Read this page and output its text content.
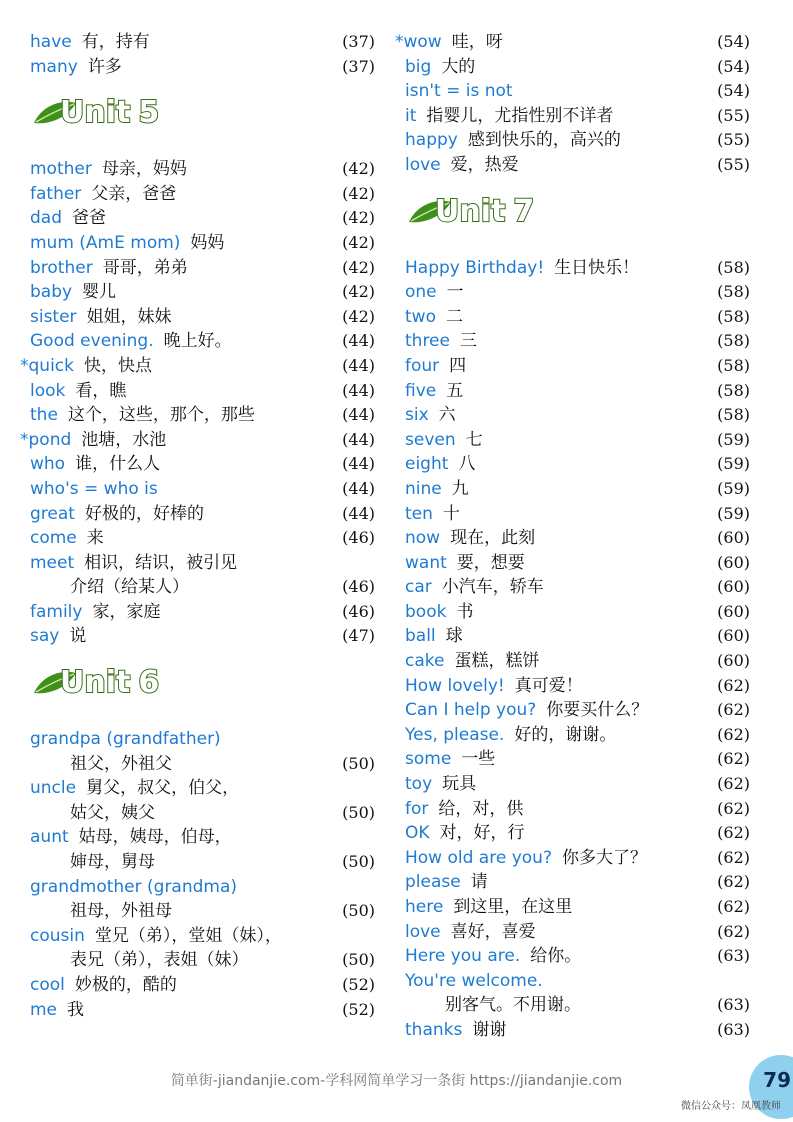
have 有，持有	(37)
many 许多	(37)
Unit 5
mother 母亲，妈妈	(42)
father 父亲，爸爸	(42)
dad 爸爸	(42)
mum (AmE mom) 妈妈	(42)
brother 哥哥，弟弟	(42)
baby 婴儿	(42)
sister 姐姐，妹妹	(42)
Good evening. 晚上好。	(44)
*quick 快，快点	(44)
look 看，瞧	(44)
the 这个，这些，那个，那些	(44)
*pond 池塘，水池	(44)
who 谁，什么人	(44)
who's = who is	(44)
great 好极的，好棒的	(44)
come 来	(46)
meet 相识，结识，被引见
介绍（给某人）	(46)
family 家，家庭	(46)
say 说	(47)
Unit 6
grandpa (grandfather)
祖父，外祖父	(50)
uncle 舅父，叔父，伯父，
姑父，姨父	(50)
aunt 姑母，姨母，伯母，
婶母，舅母	(50)
grandmother (grandma)
祖母，外祖母	(50)
cousin 堂兄（弟），堂姐（妹），
表兄（弟），表姐（妹）	(50)
cool 妙极的，酷的	(52)
me 我	(52)
*wow 哇，呀	(54)
big 大的	(54)
isn't = is not	(54)
it 指婴儿，尤指性别不详者	(55)
happy 感到快乐的，高兴的	(55)
love 爱，热爱	(55)
Unit 7
Happy Birthday! 生日快乐！	(58)
one 一	(58)
two 二	(58)
three 三	(58)
four 四	(58)
five 五	(58)
six 六	(58)
seven 七	(59)
eight 八	(59)
nine 九	(59)
ten 十	(59)
now 现在，此刻	(60)
want 要，想要	(60)
car 小汽车，轿车	(60)
book 书	(60)
ball 球	(60)
cake 蛋糕，糕饼	(60)
How lovely! 真可爱！	(62)
Can I help you? 你要买什么？	(62)
Yes, please. 好的，谢谢。	(62)
some 一些	(62)
toy 玩具	(62)
for 给，对，供	(62)
OK 对，好，行	(62)
How old are you? 你多大了？	(62)
please 请	(62)
here 到这里，在这里	(62)
love 喜好，喜爱	(62)
Here you are. 给你。	(63)
You're welcome.
别客气。不用谢。	(63)
thanks 谢谢	(63)
79
简单街-jiandanjie.com-学科网简单学习一条街 https://jiandanjie.com
微信公众号：凤凰教师
